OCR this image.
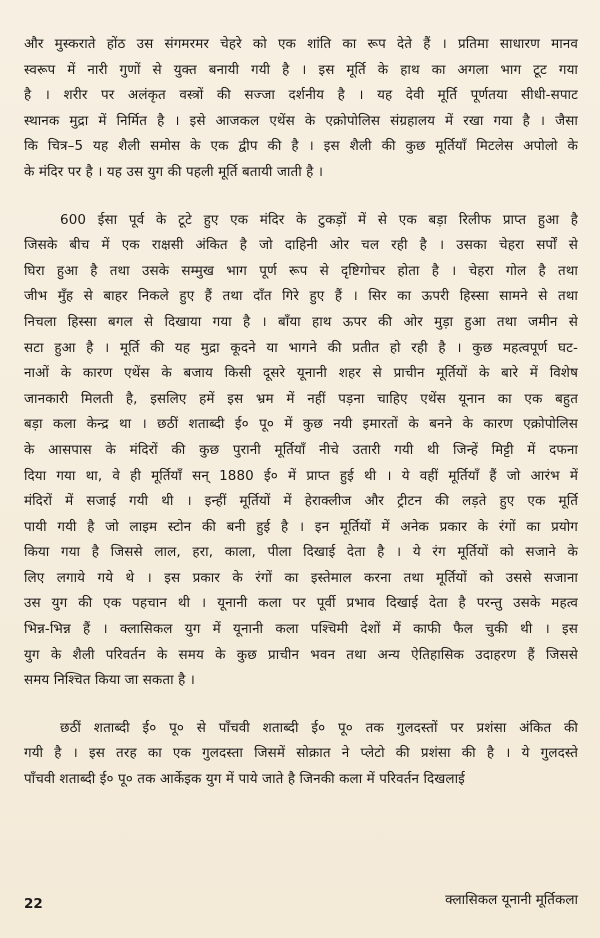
और मुस्कराते होंठ उस संगमरमर चेहरे को एक शांति का रूप देते हैं । प्रतिमा साधारण मानव
स्वरूप में नारी गुणों से युक्त बनायी गयी है । इस मूर्ति के हाथ का अगला भाग टूट गया
है । शरीर पर अलंकृत वस्त्रों की सज्जा दर्शनीय है । यह देवी मूर्ति पूर्णतया सीधी-सपाट
स्थानक मुद्रा में निर्मित है । इसे आजकल एथेंस के एक्रोपोलिस संग्रहालय में रखा गया है । जैसा
कि चित्र–5 यह शैली समोस के एक द्वीप की है । इस शैली की कुछ मूर्तियाँ मिटलेस अपोलो के
के मंदिर पर है । यह उस युग की पहली मूर्ति बतायी जाती है ।
600 ईसा पूर्व के टूटे हुए एक मंदिर के टुकड़ों में से एक बड़ा रिलीफ प्राप्त हुआ है
जिसके बीच में एक राक्षसी अंकित है जो दाहिनी ओर चल रही है । उसका चेहरा सर्पों से
घिरा हुआ है तथा उसके सम्मुख भाग पूर्ण रूप से दृष्टिगोचर होता है । चेहरा गोल है तथा
जीभ मुँह से बाहर निकले हुए हैं तथा दाँत गिरे हुए हैं । सिर का ऊपरी हिस्सा सामने से तथा
निचला हिस्सा बगल से दिखाया गया है । बाँया हाथ ऊपर की ओर मुड़ा हुआ तथा जमीन से
सटा हुआ है । मूर्ति की यह मुद्रा कूदने या भागने की प्रतीत हो रही है । कुछ महत्वपूर्ण घट-
नाओं के कारण एथेंस के बजाय किसी दूसरे यूनानी शहर से प्राचीन मूर्तियों के बारे में विशेष
जानकारी मिलती है, इसलिए हमें इस भ्रम में नहीं पड़ना चाहिए एथेंस यूनान का एक बहुत
बड़ा कला केन्द्र था । छठीं शताब्दी ई० पू० में कुछ नयी इमारतों के बनने के कारण एक्रोपोलिस
के आसपास के मंदिरों की कुछ पुरानी मूर्तियाँ नीचे उतारी गयी थी जिन्हें मिट्टी में दफना
दिया गया था, वे ही मूर्तियाँ सन् 1880 ई० में प्राप्त हुई थी । ये वहीं मूर्तियाँ हैं जो आरंभ में
मंदिरों में सजाई गयी थी । इन्हीं मूर्तियों में हेराक्लीज और ट्रीटन की लड़ते हुए एक मूर्ति
पायी गयी है जो लाइम स्टोन की बनी हुई है । इन मूर्तियों में अनेक प्रकार के रंगों का प्रयोग
किया गया है जिससे लाल, हरा, काला, पीला दिखाई देता है । ये रंग मूर्तियों को सजाने के
लिए लगाये गये थे । इस प्रकार के रंगों का इस्तेमाल करना तथा मूर्तियों को उससे सजाना
उस युग की एक पहचान थी । यूनानी कला पर पूर्वी प्रभाव दिखाई देता है परन्तु उसके महत्व
भिन्न-भिन्न हैं । क्लासिकल युग में यूनानी कला पश्चिमी देशों में काफी फैल चुकी थी । इस
युग के शैली परिवर्तन के समय के कुछ प्राचीन भवन तथा अन्य ऐतिहासिक उदाहरण हैं जिससे
समय निश्चित किया जा सकता है ।
छठीं शताब्दी ई० पू० से पाँचवी शताब्दी ई० पू० तक गुलदस्तों पर प्रशंसा अंकित की
गयी है । इस तरह का एक गुलदस्ता जिसमें सोक्रात ने प्लेटो की प्रशंसा की है । ये गुलदस्ते
पाँचवी शताब्दी ई० पू० तक आर्केइक युग में पाये जाते है जिनकी कला में परिवर्तन दिखलाई
22	क्लासिकल यूनानी मूर्तिकला
